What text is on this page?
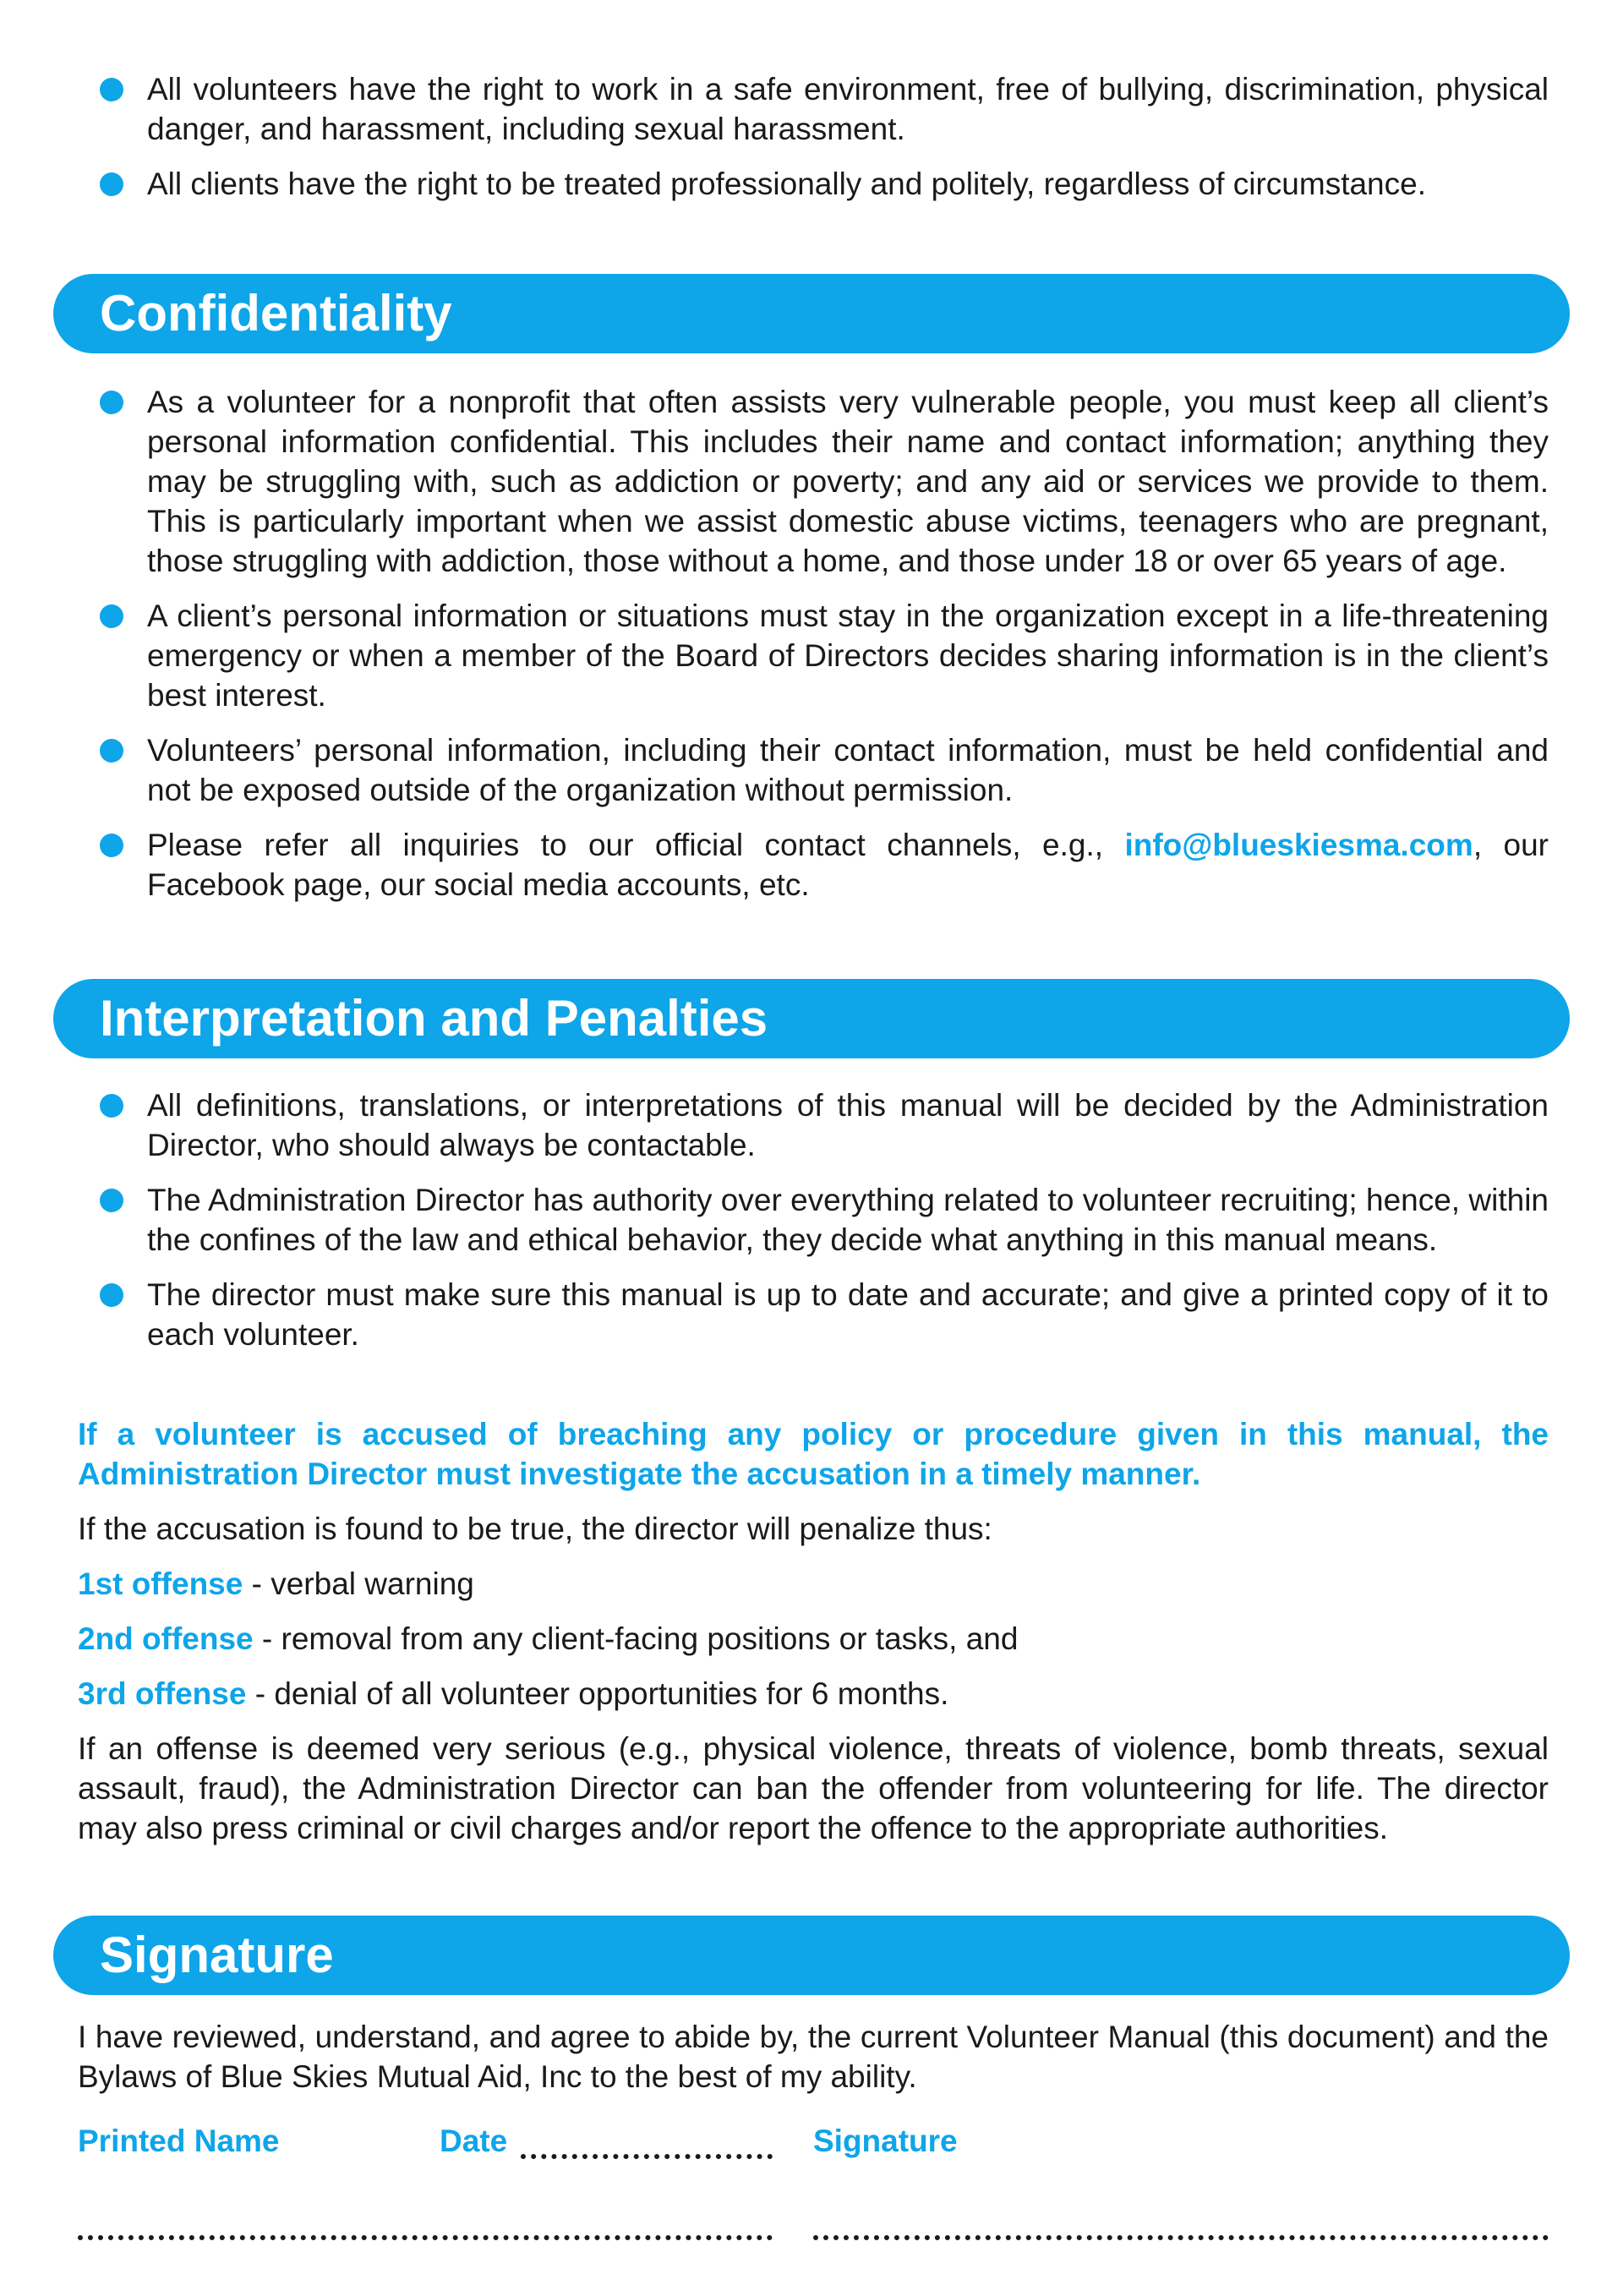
All volunteers have the right to work in a safe environment, free of bullying, discrimination, physical danger, and harassment, including sexual harassment.
All clients have the right to be treated professionally and politely, regardless of circumstance.
Confidentiality
As a volunteer for a nonprofit that often assists very vulnerable people, you must keep all client’s personal information confidential. This includes their name and contact information; anything they may be struggling with, such as addiction or poverty; and any aid or services we provide to them. This is particularly important when we assist domestic abuse victims, teenagers who are pregnant, those struggling with addiction, those without a home, and those under 18 or over 65 years of age.
A client’s personal information or situations must stay in the organization except in a life-threatening emergency or when a member of the Board of Directors decides sharing information is in the client’s best interest.
Volunteers’ personal information, including their contact information, must be held confidential and not be exposed outside of the organization without permission.
Please refer all inquiries to our official contact channels, e.g., info@blueskiesma.com, our Facebook page, our social media accounts, etc.
Interpretation and Penalties
All definitions, translations, or interpretations of this manual will be decided by the Administration Director, who should always be contactable.
The Administration Director has authority over everything related to volunteer recruiting; hence, within the confines of the law and ethical behavior, they decide what anything in this manual means.
The director must make sure this manual is up to date and accurate; and give a printed copy of it to each volunteer.

If a volunteer is accused of breaching any policy or procedure given in this manual, the Administration Director must investigate the accusation in a timely manner.

If the accusation is found to be true, the director will penalize thus:

1st offense - verbal warning

2nd offense - removal from any client-facing positions or tasks, and

3rd offense - denial of all volunteer opportunities for 6 months.

If an offense is deemed very serious (e.g., physical violence, threats of violence, bomb threats, sexual assault, fraud), the Administration Director can ban the offender from volunteering for life. The director may also press criminal or civil charges and/or report the offence to the appropriate authorities.

Signature

I have reviewed, understand, and agree to abide by, the current Volunteer Manual (this document) and the Bylaws of Blue Skies Mutual Aid, Inc to the best of my ability.

Printed Name	Date	Signature
